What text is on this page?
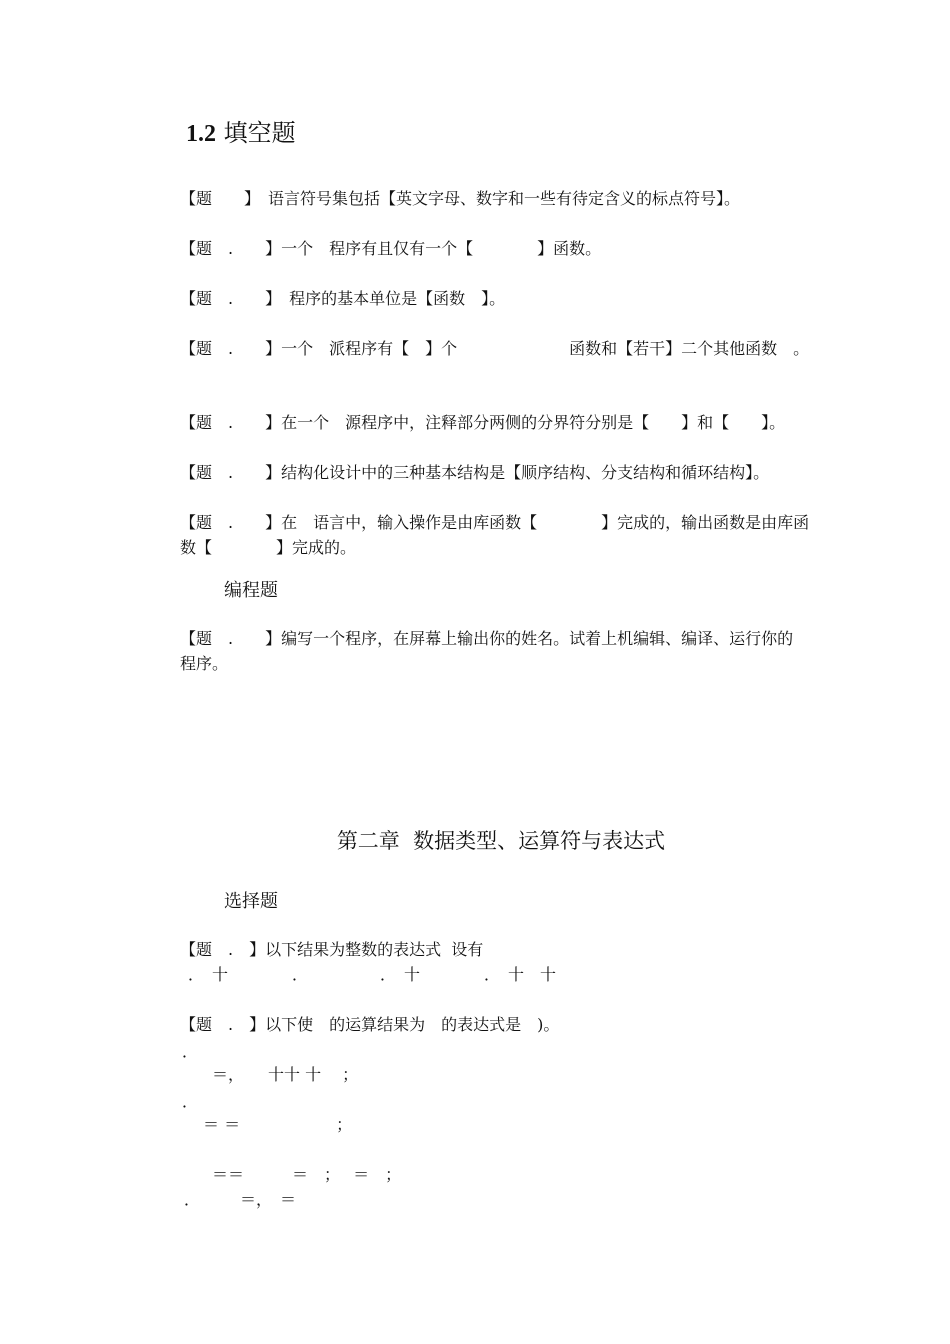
1.2 填空题
【题　　】　语言符号集包括【英文字母、数字和一些有待定含义的标点符号】。
【题　.　　】一个　程序有且仅有一个【　　　　】函数。
【题　.　　】　程序的基本单位是【函数　】。
【题　.　　】一个　派程序有【　】个　　　　　　　函数和【若干】二个其他函数　。
【题　.　　】在一个　源程序中，注释部分两侧的分界符分别是【　　】和【　　】。
【题　.　　】结构化设计中的三种基本结构是【顺序结构、分支结构和循环结构】。
【题　.　　】在　语言中，输入操作是由库函数【　　　　】完成的，输出函数是由库函
数【　　　　】完成的。
编程题
【题　.　　】编写一个程序，在屏幕上输出你的姓名。试着上机编辑、编译、运行你的
程序。
第二章  数据类型、运算符与表达式
选择题
【题　.　】以下结果为整数的表达式  设有
．　十　　　　．　　　　　．　十　　　　．　十　十
【题　.　】以下使　的运算结果为　的表达式是　)。
．
＝，　　十十 十　 ；
．
＝ ＝　　　　　　；
＝＝　　　＝　；　 ＝　；
．　　　＝，　＝
